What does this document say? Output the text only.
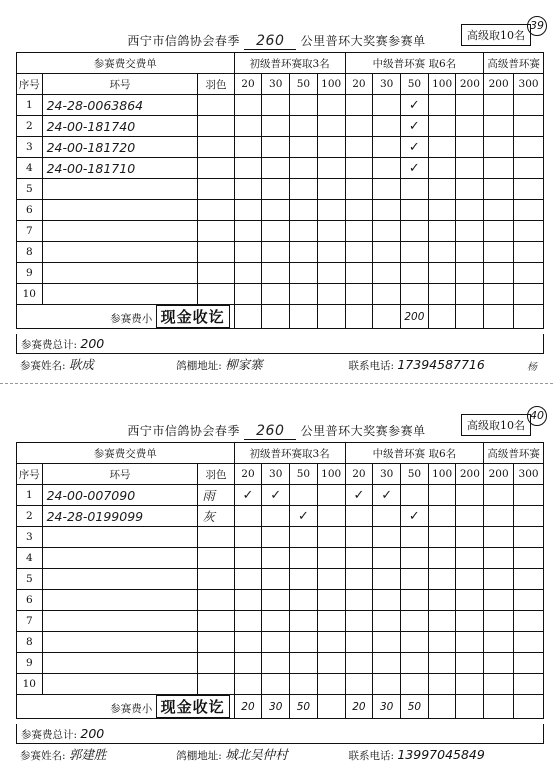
西宁市信鸽协会春季 260 公里普环大奖赛参赛单	高级取10名
39
参赛费交费单			初级普环赛取3名				中级普环赛 取6名					高级普环赛	
序号	环号	羽色	20	30	50	100	20	30	50	100	200	200	300
1	24-28-0063864								✓				
2	24-00-181740								✓				
3	24-00-181720								✓				
4	24-00-181710								✓				
5													
6													
7													
8													
9													
10													
参赛费小 现金收讫									200				
参赛费总计: 200
参赛姓名: 耿成	鸽棚地址: 柳家寨	联系电话: 17394587716	杨
西宁市信鸽协会春季 260 公里普环大奖赛参赛单	高级取10名
40
参赛费交费单			初级普环赛取3名				中级普环赛 取6名					高级普环赛	
序号	环号	羽色	20	30	50	100	20	30	50	100	200	200	300
1	24-00-007090	雨	✓	✓			✓	✓					
2	24-28-0199099	灰			✓				✓				
3													
4													
5													
6													
7													
8													
9													
10													
参赛费小 现金收讫			20	30	50		20	30	50				
参赛费总计: 200
参赛姓名: 郭建胜	鸽棚地址: 城北吴仲村	联系电话: 13997045849
